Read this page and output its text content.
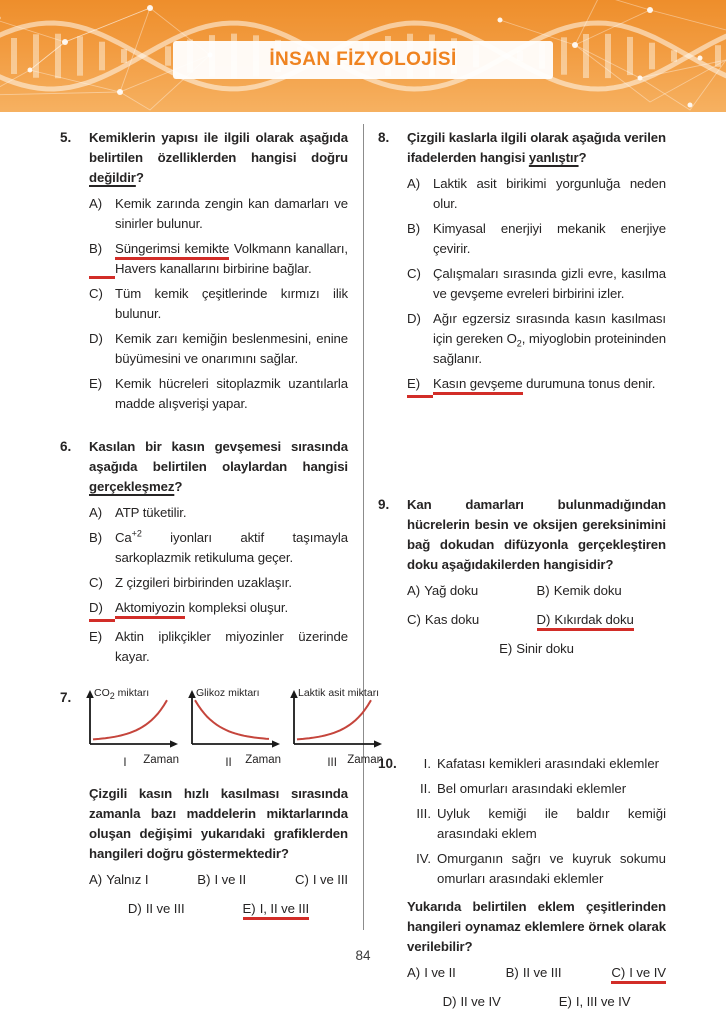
İNSAN FİZYOLOJİSİ
5.	Kemiklerin yapısı ile ilgili olarak aşağıda belirtilen özelliklerden hangisi doğru değildir?
A) Kemik zarında zengin kan damarları ve sinirler bulunur.
B) Süngerimsi kemikte Volkmann kanalları, Havers kanallarını birbirine bağlar.
C) Tüm kemik çeşitlerinde kırmızı ilik bulunur.
D) Kemik zarı kemiğin beslenmesini, enine büyümesini ve onarımını sağlar.
E) Kemik hücreleri sitoplazmik uzantılarla madde alışverişi yapar.
6.	Kasılan bir kasın gevşemesi sırasında aşağıda belirtilen olaylardan hangisi gerçekleşmez?
A) ATP tüketilir.
B) $Ca^{+2}$ iyonları aktif taşımayla sarkoplazmik retikuluma geçer.
C) Z çizgileri birbirinden uzaklaşır.
D) Aktomiyozin kompleksi oluşur.
E) Aktin iplikçikler miyozinler üzerinde kayar.
7.	$CO_2$ miktarı
I Zaman
Glikoz miktarı
II Zaman
Laktik asit miktarı
III Zaman
Çizgili kasın hızlı kasılması sırasında zamanla bazı maddelerin miktarlarında oluşan değişimi yukarıdaki grafiklerden hangileri doğru göstermektedir?
A) Yalnız I	B) I ve II	C) I ve III
D) II ve III	E) I, II ve III
8.	Çizgili kaslarla ilgili olarak aşağıda verilen ifadelerden hangisi yanlıştır?
A) Laktik asit birikimi yorgunluğa neden olur.
B) Kimyasal enerjiyi mekanik enerjiye çevirir.
C) Çalışmaları sırasında gizli evre, kasılma ve gevşeme evreleri birbirini izler.
D) Ağır egzersiz sırasında kasın kasılması için gereken $O_2$, miyoglobin proteininden sağlanır.
E) Kasın gevşeme durumuna tonus denir.
9.	Kan damarları bulunmadığından hücrelerin besin ve oksijen gereksinimini bağ dokudan difüzyonla gerçekleştiren doku aşağıdakilerden hangisidir?
A) Yağ doku	B) Kemik doku
C) Kas doku	D) Kıkırdak doku
E) Sinir doku
10.	I. Kafatası kemikleri arasındaki eklemler
II. Bel omurları arasındaki eklemler
III. Uyluk kemiği ile baldır kemiği arasındaki eklem
IV. Omurganın sağrı ve kuyruk sokumu omurları arasındaki eklemler
Yukarıda belirtilen eklem çeşitlerinden hangileri oynamaz eklemlere örnek olarak verilebilir?
A) I ve II	B) II ve III	C) I ve IV
D) II ve IV	E) I, III ve IV
84
